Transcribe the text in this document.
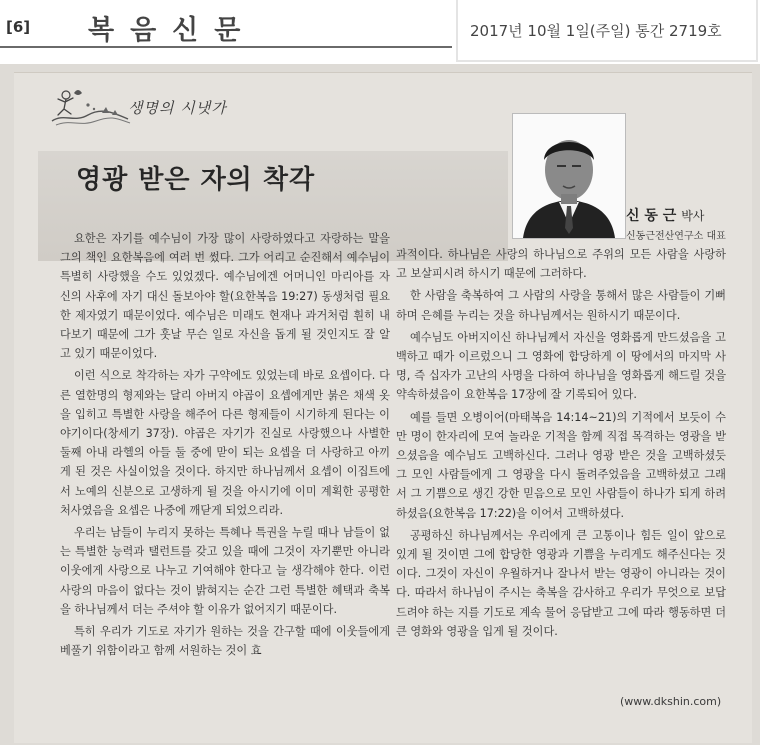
[6] 복음신문	2017년 10월 1일(주일) 통간 2719호
생명의 시냇가
영광 받은 자의 착각
신 동 근 박사
신동근전산연구소 대표

요한은 자기를 예수님이 가장 많이 사랑하였다고 자랑하는 말을 그의 책인 요한복음에 여러 번 썼다. 그가 어리고 순진해서 예수님이 특별히 사랑했을 수도 있었겠다. 예수님에겐 어머니인 마리아를 자신의 사후에 자기 대신 돌보아야 할(요한복음 19:27) 동생처럼 필요한 제자였기 때문이었다. 예수님은 미래도 현재나 과거처럼 훤히 내다보기 때문에 그가 훗날 무슨 일로 자신을 돕게 될 것인지도 잘 알고 있기 때문이었다.

이런 식으로 착각하는 자가 구약에도 있었는데 바로 요셉이다. 다른 열한명의 형제와는 달리 아버지 야곱이 요셉에게만 붉은 채색 옷을 입히고 특별한 사랑을 해주어 다른 형제들이 시기하게 된다는 이야기이다(창세기 37장). 야곱은 자기가 진실로 사랑했으나 사별한 둘째 아내 라헬의 아들 둘 중에 맏이 되는 요셉을 더 사랑하고 아끼게 된 것은 사실이었을 것이다. 하지만 하나님께서 요셉이 이집트에서 노예의 신분으로 고생하게 될 것을 아시기에 이미 계획한 공평한 처사였음을 요셉은 나중에 깨닫게 되었으리라.

우리는 남들이 누리지 못하는 특혜나 특권을 누릴 때나 남들이 없는 특별한 능력과 탤런트를 갖고 있을 때에 그것이 자기뿐만 아니라 이웃에게 사랑으로 나누고 기여해야 한다고 늘 생각해야 한다. 이런 사랑의 마음이 없다는 것이 밝혀지는 순간 그런 특별한 혜택과 축복을 하나님께서 더는 주셔야 할 이유가 없어지기 때문이다.

특히 우리가 기도로 자기가 원하는 것을 간구할 때에 이웃들에게 베풀기 위함이라고 함께 서원하는 것이 효

과적이다. 하나님은 사랑의 하나님으로 주위의 모든 사람을 사랑하고 보살피시려 하시기 때문에 그러하다.

한 사람을 축복하여 그 사람의 사랑을 통해서 많은 사람들이 기뻐하며 은혜를 누리는 것을 하나님께서는 원하시기 때문이다.

예수님도 아버지이신 하나님께서 자신을 영화롭게 만드셨음을 고백하고 때가 이르렀으니 그 영화에 합당하게 이 땅에서의 마지막 사명, 즉 십자가 고난의 사명을 다하여 하나님을 영화롭게 해드릴 것을 약속하셨음이 요한복음 17장에 잘 기록되어 있다.

예를 들면 오병이어(마태복음 14:14~21)의 기적에서 보듯이 수만 명이 한자리에 모여 놀라운 기적을 함께 직접 목격하는 영광을 받으셨음을 예수님도 고백하신다. 그러나 영광 받은 것을 고백하셨듯 그 모인 사람들에게 그 영광을 다시 돌려주었음을 고백하셨고 그래서 그 기쁨으로 생긴 강한 믿음으로 모인 사람들이 하나가 되게 하려 하셨음(요한복음 17:22)을 이어서 고백하셨다.

공평하신 하나님께서는 우리에게 큰 고통이나 힘든 일이 앞으로 있게 될 것이면 그에 합당한 영광과 기쁨을 누리게도 해주신다는 것이다. 그것이 자신이 우월하거나 잘나서 받는 영광이 아니라는 것이다. 따라서 하나님이 주시는 축복을 감사하고 우리가 무엇으로 보답드려야 하는 지를 기도로 계속 물어 응답받고 그에 따라 행동하면 더 큰 영화와 영광을 입게 될 것이다.

(www.dkshin.com)
